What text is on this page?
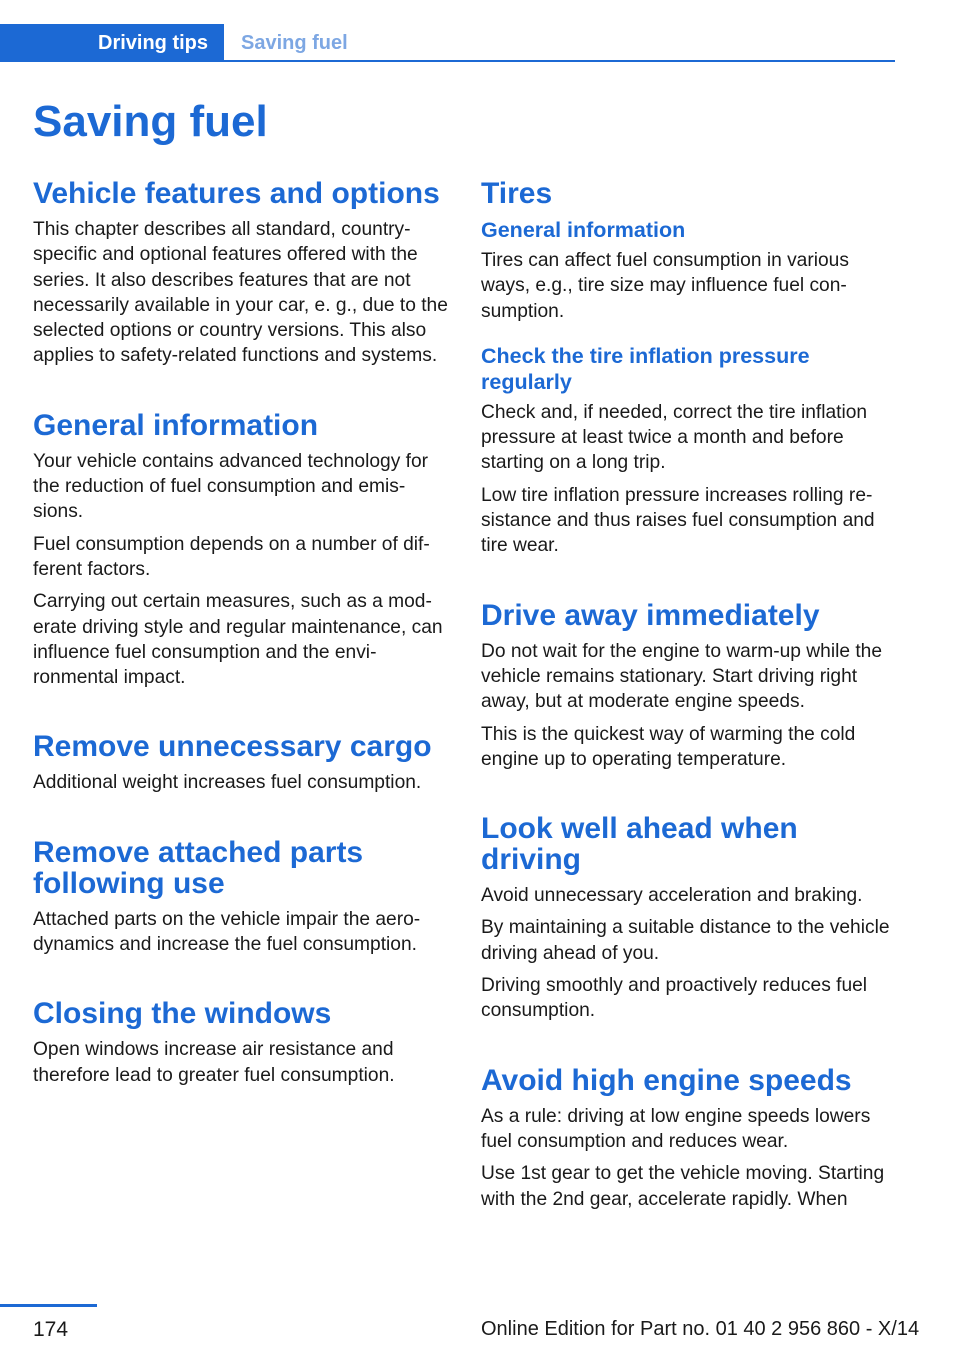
Driving tips	Saving fuel
Saving fuel
Vehicle features and options

This chapter describes all standard, country-specific and optional features offered with the series. It also describes features that are not necessarily available in your car, e. g., due to the selected options or country versions. This also applies to safety-related functions and systems.

General information

Your vehicle contains advanced technology for the reduction of fuel consumption and emissions.

Fuel consumption depends on a number of different factors.

Carrying out certain measures, such as a moderate driving style and regular maintenance, can influence fuel consumption and the environmental impact.

Remove unnecessary cargo

Additional weight increases fuel consumption.

Remove attached parts following use

Attached parts on the vehicle impair the aerodynamics and increase the fuel consumption.

Closing the windows

Open windows increase air resistance and therefore lead to greater fuel consumption.

Tires
General information

Tires can affect fuel consumption in various ways, e.g., tire size may influence fuel consumption.

Check the tire inflation pressure regularly

Check and, if needed, correct the tire inflation pressure at least twice a month and before starting on a long trip.

Low tire inflation pressure increases rolling resistance and thus raises fuel consumption and tire wear.

Drive away immediately

Do not wait for the engine to warm-up while the vehicle remains stationary. Start driving right away, but at moderate engine speeds.

This is the quickest way of warming the cold engine up to operating temperature.

Look well ahead when driving

Avoid unnecessary acceleration and braking.

By maintaining a suitable distance to the vehicle driving ahead of you.

Driving smoothly and proactively reduces fuel consumption.

Avoid high engine speeds

As a rule: driving at low engine speeds lowers fuel consumption and reduces wear.

Use 1st gear to get the vehicle moving. Starting with the 2nd gear, accelerate rapidly. When

174	Online Edition for Part no. 01 40 2 956 860 - X/14
